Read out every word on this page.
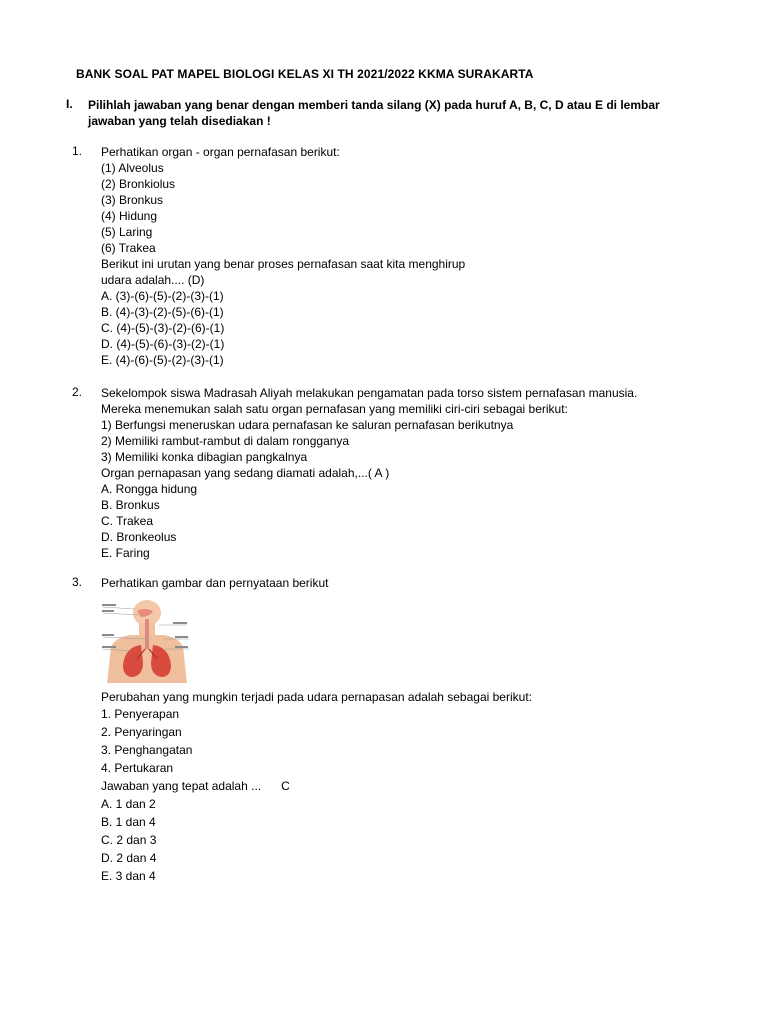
BANK SOAL PAT MAPEL BIOLOGI KELAS XI TH 2021/2022 KKMA SURAKARTA
I. Pilihlah jawaban yang benar dengan memberi tanda silang (X) pada huruf A, B, C, D atau E di lembar jawaban yang telah disediakan !
1. Perhatikan organ - organ pernafasan berikut:
(1) Alveolus
(2) Bronkiolus
(3) Bronkus
(4) Hidung
(5) Laring
(6) Trakea
Berikut ini urutan yang benar proses pernafasan saat kita menghirup
udara adalah.... (D)
A. (3)-(6)-(5)-(2)-(3)-(1)
B. (4)-(3)-(2)-(5)-(6)-(1)
C. (4)-(5)-(3)-(2)-(6)-(1)
D. (4)-(5)-(6)-(3)-(2)-(1)
E. (4)-(6)-(5)-(2)-(3)-(1)
2. Sekelompok siswa Madrasah Aliyah melakukan pengamatan pada torso sistem pernafasan manusia.
Mereka menemukan salah satu organ pernafasan yang memiliki ciri-ciri sebagai berikut:
1) Berfungsi meneruskan udara pernafasan ke saluran pernafasan berikutnya
2) Memiliki rambut-rambut di dalam rongganya
3) Memiliki konka dibagian pangkalnya
Organ pernapasan yang sedang diamati adalah,...( A )
A. Rongga hidung
B. Bronkus
C. Trakea
D. Bronkeolus
E. Faring
3. Perhatikan gambar dan pernyataan berikut
Perubahan yang mungkin terjadi pada udara pernapasan adalah sebagai berikut:
1. Penyerapan
2. Penyaringan
3. Penghangatan
4. Pertukaran
Jawaban yang tepat adalah ...      C
A. 1 dan 2
B. 1 dan 4
C. 2 dan 3
D. 2 dan 4
E. 3 dan 4
